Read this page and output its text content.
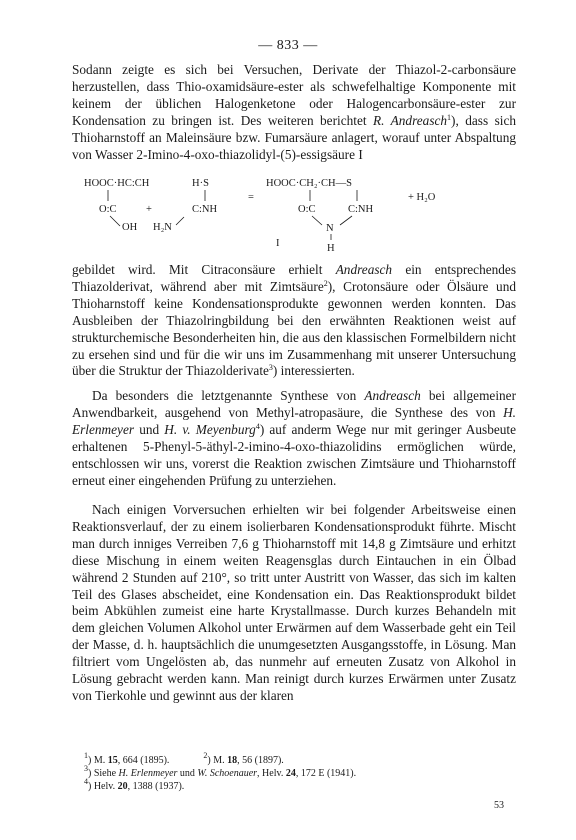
— 833 —

Sodann zeigte es sich bei Versuchen, Derivate der Thiazol-2-carbonsäure herzustellen, dass Thio-oxamidsäure-ester als schwefelhaltige Komponente mit keinem der üblichen Halogenketone oder Halogencarbonsäure-ester zur Kondensation zu bringen ist. Des weiteren berichtet R. Andreasch$^1$), dass sich Thioharnstoff an Maleinsäure bzw. Fumarsäure anlagert, worauf unter Abspaltung von Wasser 2-Imino-4-oxo-thiazolidyl-(5)-essigsäure I

HOOC·HC:CH
O:C
OH
+
H₂N
H·S
C:NH
=
HOOC·CH₂·CH—S
O:C	C:NH
N
H
I
+ H₂O

gebildet wird. Mit Citraconsäure erhielt Andreasch ein entsprechendes Thiazolderivat, während aber mit Zimtsäure$^2$), Crotonsäure oder Ölsäure und Thioharnstoff keine Kondensationsprodukte gewonnen werden konnten. Das Ausbleiben der Thiazolringbildung bei den erwähnten Reaktionen weist auf strukturchemische Besonderheiten hin, die aus den klassischen Formelbildern nicht zu ersehen sind und für die wir uns im Zusammenhang mit unserer Untersuchung über die Struktur der Thiazolderivate$^3$) interessierten.

Da besonders die letztgenannte Synthese von Andreasch bei allgemeiner Anwendbarkeit, ausgehend von Methyl-atropasäure, die Synthese des von H. Erlenmeyer und H. v. Meyenburg$^4$) auf anderm Wege nur mit geringer Ausbeute erhaltenen 5-Phenyl-5-äthyl-2-imino-4-oxo-thiazolidins ermöglichen würde, entschlossen wir uns, vorerst die Reaktion zwischen Zimtsäure und Thioharnstoff erneut einer eingehenden Prüfung zu unterziehen.

Nach einigen Vorversuchen erhielten wir bei folgender Arbeitsweise einen Reaktionsverlauf, der zu einem isolierbaren Kondensationsprodukt führte. Mischt man durch inniges Verreiben 7,6 g Thioharnstoff mit 14,8 g Zimtsäure und erhitzt diese Mischung in einem weiten Reagensglas durch Eintauchen in ein Ölbad während 2 Stunden auf 210°, so tritt unter Austritt von Wasser, das sich im kalten Teil des Glases abscheidet, eine Kondensation ein. Das Reaktionsprodukt bildet beim Abkühlen zumeist eine harte Krystallmasse. Durch kurzes Behandeln mit dem gleichen Volumen Alkohol unter Erwärmen auf dem Wasserbade geht ein Teil der Masse, d. h. hauptsächlich die unumgesetzten Ausgangsstoffe, in Lösung. Man filtriert vom Ungelösten ab, das nunmehr auf erneuten Zusatz von Alkohol in Lösung gebracht werden kann. Man reinigt durch kurzes Erwärmen unter Zusatz von Tierkohle und gewinnt aus der klaren

$^1$) M. 15, 664 (1895).	$^2$) M. 18, 56 (1897).
$^3$) Siehe H. Erlenmeyer und W. Schoenauer, Helv. 24, 172 E (1941).
$^4$) Helv. 20, 1388 (1937).
53
